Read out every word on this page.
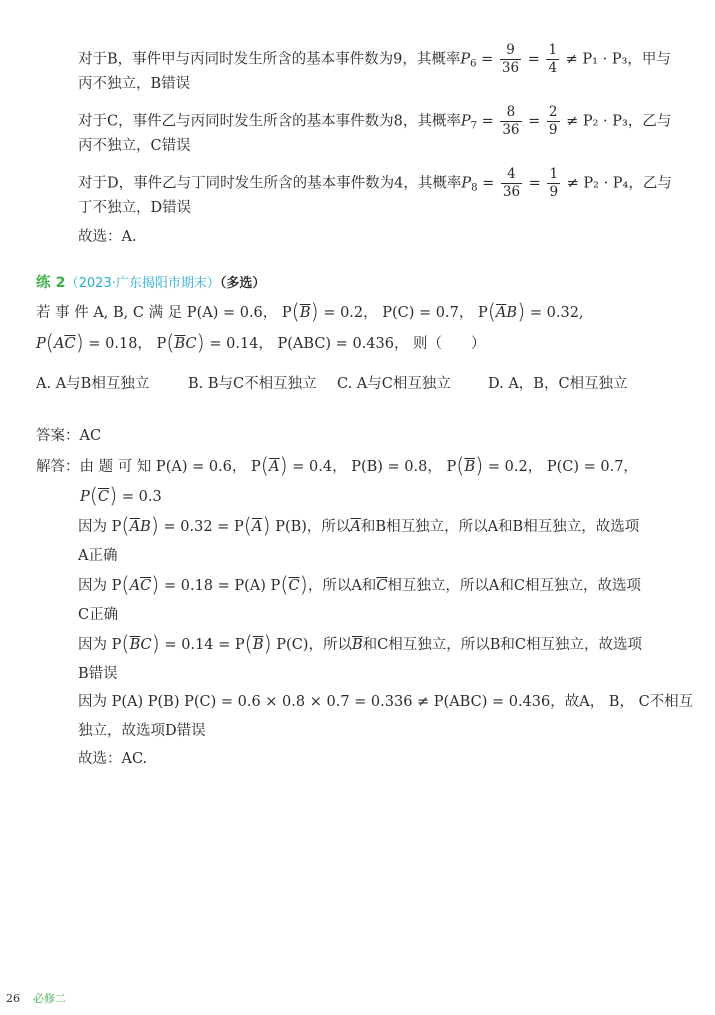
对于B，事件甲与丙同时发生所含的基本事件数为9，其概率$P_6 = \frac{9}{36} = \frac{1}{4} \ne P_1 \cdot P_3$，甲与
丙不独立，B错误
对于C，事件乙与丙同时发生所含的基本事件数为8，其概率$P_7 = \frac{8}{36} = \frac{2}{9} \ne P_2 \cdot P_3$，乙与
丙不独立，C错误
对于D，事件乙与丁同时发生所含的基本事件数为4，其概率$P_8 = \frac{4}{36} = \frac{1}{9} \ne P_2 \cdot P_4$，乙与
丁不独立，D错误
故选：A.
练 2（2023·广东揭阳市期末）（多选）
若 事 件 A, B, C 满 足 P(A) = 0.6， $P(\overline{B}) = 0.2$， P(C) = 0.7， $P(\overline{A}B) = 0.32$,
$P(A\overline{C}) = 0.18$， $P(\overline{B}C) = 0.14$， P(ABC) = 0.436， 则（　　）
A. A与B相互独立	B. B与C不相互独立 C. A与C相互独立	D. A，B，C相互独立
答案：AC
解答：由 题 可 知 P(A) = 0.6， $P(\overline{A}) = 0.4$， P(B) = 0.8， $P(\overline{B}) = 0.2$， P(C) = 0.7，
$P(\overline{C}) = 0.3$
因为 $P(\overline{A}B) = 0.32 = P(\overline{A})$ P(B)，所以$\overline{A}$和B相互独立，所以A和B相互独立，故选项
A正确
因为 $P(A\overline{C}) = 0.18 = P(A)$ $P(\overline{C})$，所以A和$\overline{C}$相互独立，所以A和C相互独立，故选项
C正确
因为 $P(\overline{B}C) = 0.14 = P(\overline{B})$ P(C)，所以$\overline{B}$和C相互独立，所以B和C相互独立，故选项
B错误
因为 P(A) P(B) P(C) = 0.6 × 0.8 × 0.7 = 0.336 ≠ P(ABC) = 0.436，故A， B， C不相互
独立，故选项D错误
故选：AC.
26 必修二
